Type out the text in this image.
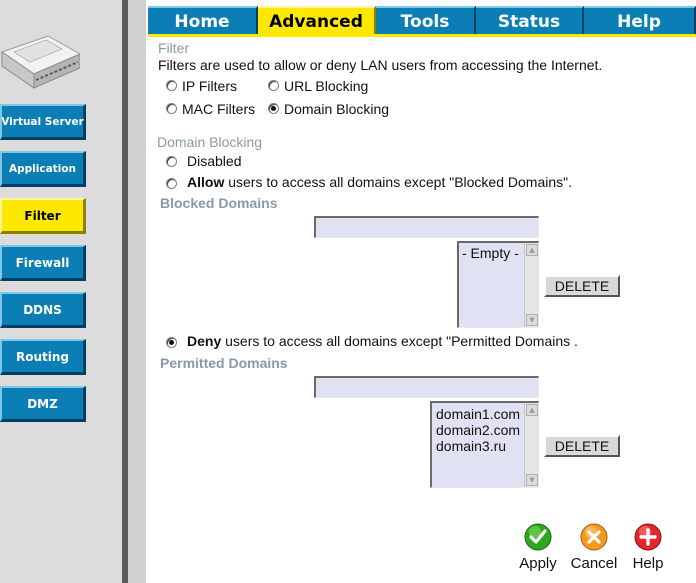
Virtual Server
Application
Filter
Firewall
DDNS
Routing
DMZ
Home	Advanced	Tools	Status	Help
Filter
Filters are used to allow or deny LAN users from accessing the Internet.
IP Filters	URL Blocking
MAC Filters Domain Blocking
Domain Blocking
Disabled
Allow users to access all domains except "Blocked Domains".
Blocked Domains
- Empty -	▲
▼
DELETE
Deny users to access all domains except "Permitted Domains .
Permitted Domains
domain1.com
domain2.com
domain3.ru
▲
▼
DELETE
Apply Cancel Help
